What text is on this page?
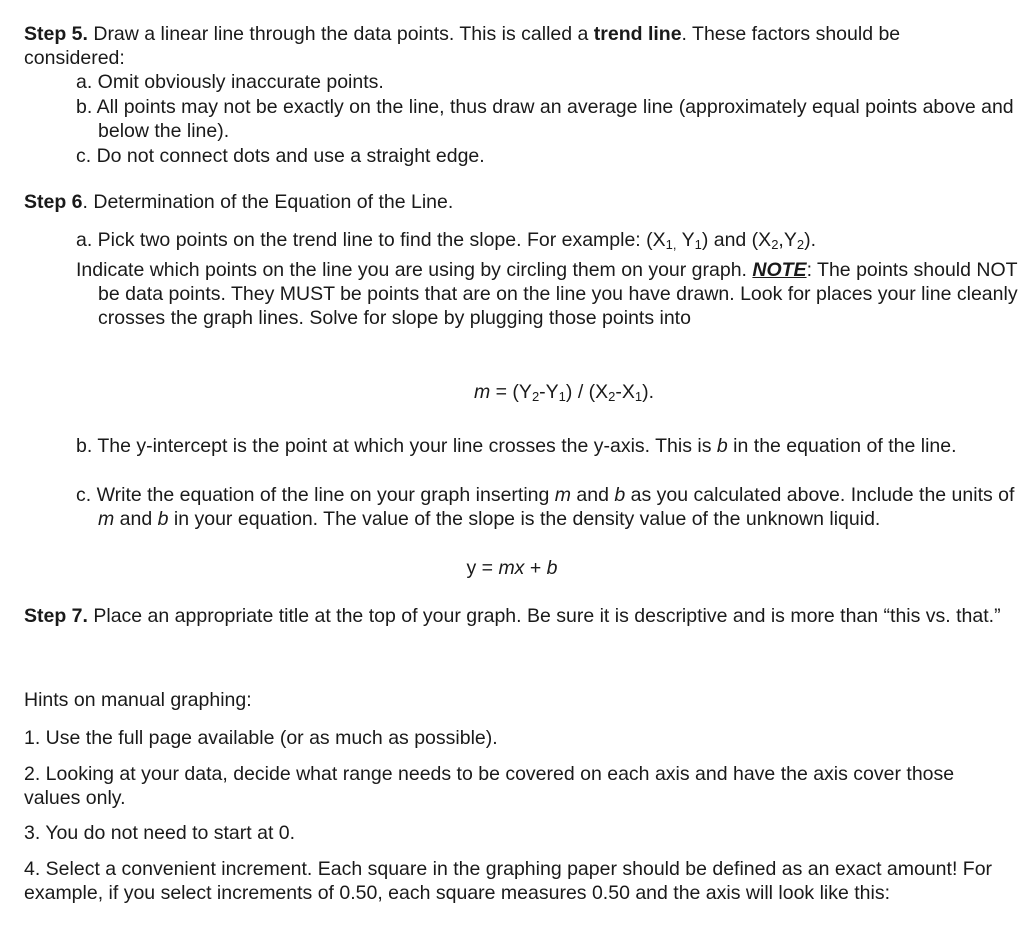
Step 5. Draw a linear line through the data points. This is called a trend line. These factors should be considered:

a. Omit obviously inaccurate points.

b. All points may not be exactly on the line, thus draw an average line (approximately equal points above and below the line).

c. Do not connect dots and use a straight edge.

Step 6. Determination of the Equation of the Line.

a. Pick two points on the trend line to find the slope. For example: ($X_{1,}$ $Y_1$) and $(X_2,Y_2)$.
Indicate which points on the line you are using by circling them on your graph. NOTE: The points should NOT be data points. They MUST be points that are on the line you have drawn. Look for places your line cleanly crosses the graph lines. Solve for slope by plugging those points into

$m = (Y_2-Y_1) / (X_2-X_1)$.

b. The y-intercept is the point at which your line crosses the y-axis. This is b in the equation of the line.

c. Write the equation of the line on your graph inserting m and b as you calculated above. Include the units of m and b in your equation. The value of the slope is the density value of the unknown liquid.

y = mx + b

Step 7. Place an appropriate title at the top of your graph. Be sure it is descriptive and is more than “this vs. that.”

Hints on manual graphing:

1. Use the full page available (or as much as possible).

2. Looking at your data, decide what range needs to be covered on each axis and have the axis cover those values only.

3. You do not need to start at 0.

4. Select a convenient increment. Each square in the graphing paper should be defined as an exact amount! For example, if you select increments of 0.50, each square measures 0.50 and the axis will look like this:
